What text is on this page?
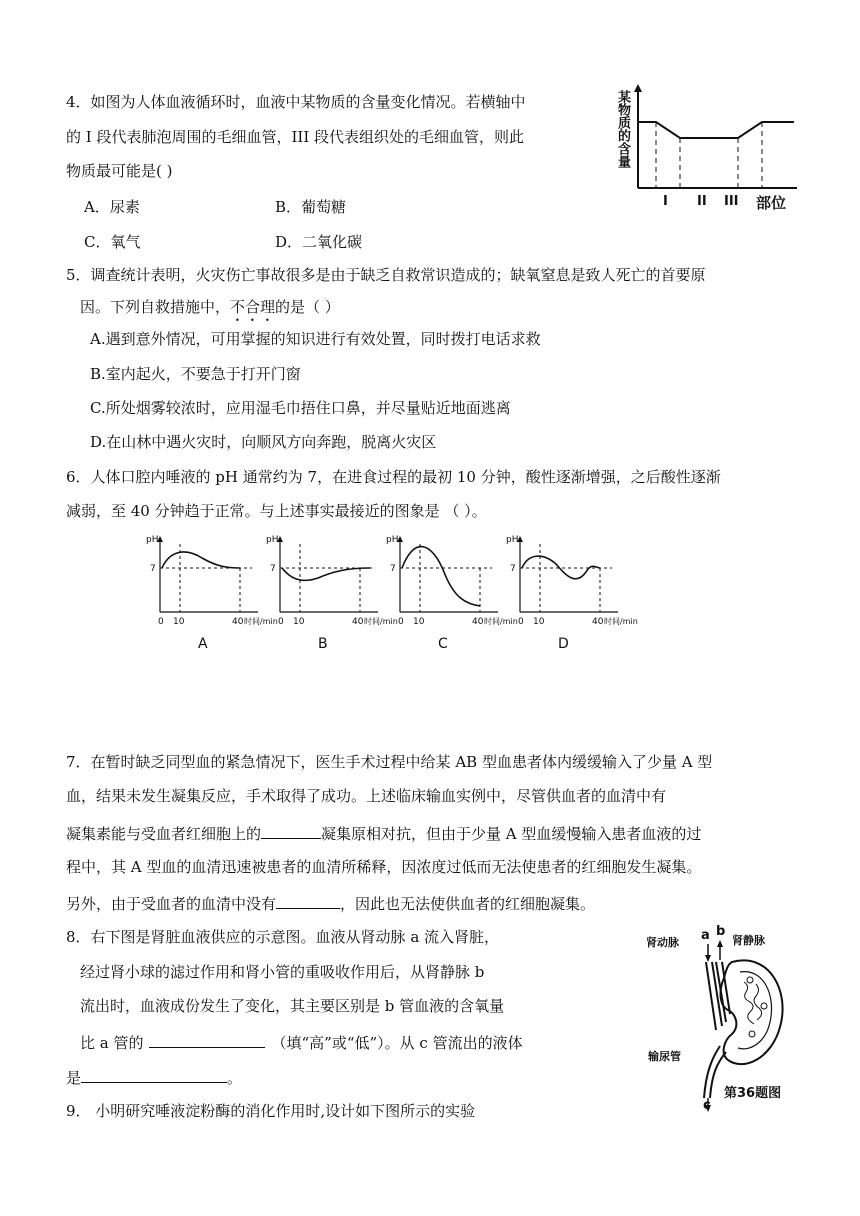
4．如图为人体血液循环时，血液中某物质的含量变化情况。若横轴中
的 I 段代表肺泡周围的毛细血管，III 段代表组织处的毛细血管，则此
物质最可能是( )
A．尿素	B．葡萄糖
C．氧气	D．二氧化碳
某物质的含量
I II III 部位
5．调查统计表明，火灾伤亡事故很多是由于缺乏自救常识造成的；缺氧窒息是致人死亡的首要原
因。下列自救措施中，不合理的是（ ）
A.遇到意外情况，可用掌握的知识进行有效处置，同时拨打电话求救
B.室内起火，不要急于打开门窗
C.所处烟雾较浓时，应用湿毛巾捂住口鼻，并尽量贴近地面逃离
D.在山林中遇火灾时，向顺风方向奔跑，脱离火灾区
6．人体口腔内唾液的 pH 通常约为 7，在进食过程的最初 10 分钟，酸性逐渐增强，之后酸性逐渐
减弱，至 40 分钟趋于正常。与上述事实最接近的图象是 （ ）。
pH
7
0 10	40 时间/min
A
pH
7
0 10	40 时间/min
B
pH
7
0 10	40 时间/min
C
pH
7
0 10	40 时间/min
D
7．在暂时缺乏同型血的紧急情况下，医生手术过程中给某 AB 型血患者体内缓缓输入了少量 A 型
血，结果未发生凝集反应，手术取得了成功。上述临床输血实例中，尽管供血者的血清中有
凝集素能与受血者红细胞上的	凝集原相对抗，但由于少量 A 型血缓慢输入患者血液的过
程中，其 A 型血的血清迅速被患者的血清所稀释，因浓度过低而无法使患者的红细胞发生凝集。
另外，由于受血者的血清中没有	，因此也无法使供血者的红细胞凝集。
8．右下图是肾脏血液供应的示意图。血液从肾动脉 a 流入肾脏，
经过肾小球的滤过作用和肾小管的重吸收作用后，从肾静脉 b
流出时，血液成份发生了变化，其主要区别是 b 管血液的含氧量
比 a 管的	（填“高”或“低”）。从 c 管流出的液体
是	。
肾动脉 a b
肾静脉
输尿管
c
第36题图
9． 小明研究唾液淀粉酶的消化作用时,设计如下图所示的实验
